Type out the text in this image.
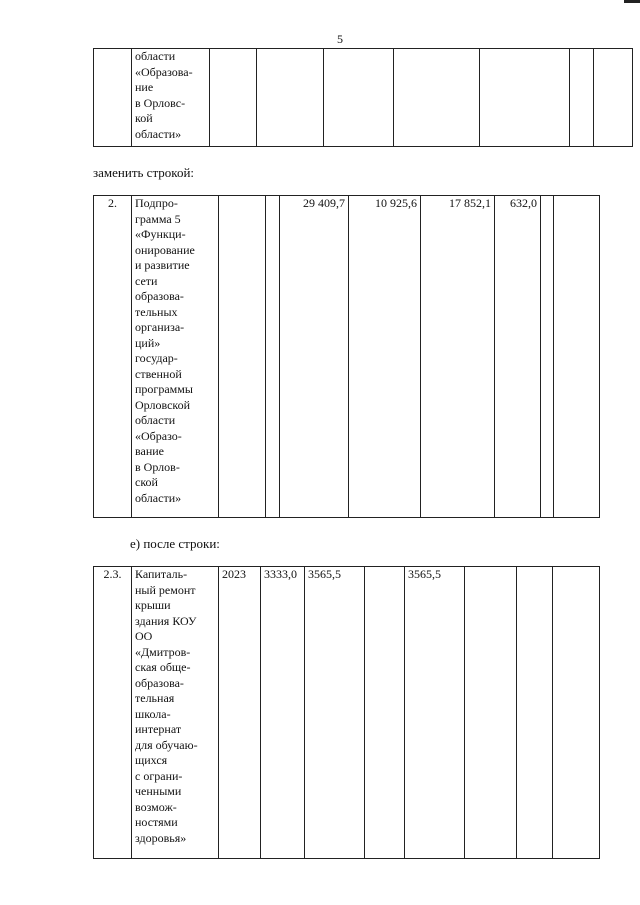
5
	области
«Образова-
ние
в Орловс-
кой
области»							
заменить строкой:
2.	Подпро-
грамма 5
«Функци-
онирование
и развитие
сети
образова-
тельных
организа-
ций»
государ-
ственной
программы
Орловской
области
«Образо-
вание
в Орлов-
ской
области»			29 409,7	10 925,6	17 852,1	632,0		
е) после строки:
2.3.	Капиталь-
ный ремонт
крыши
здания КОУ
ОО
«Дмитров-
ская обще-
образова-
тельная
школа-
интернат
для обучаю-
щихся
с ограни-
ченными
возмож-
ностями
здоровья»	2023	3333,0	3565,5		3565,5			
